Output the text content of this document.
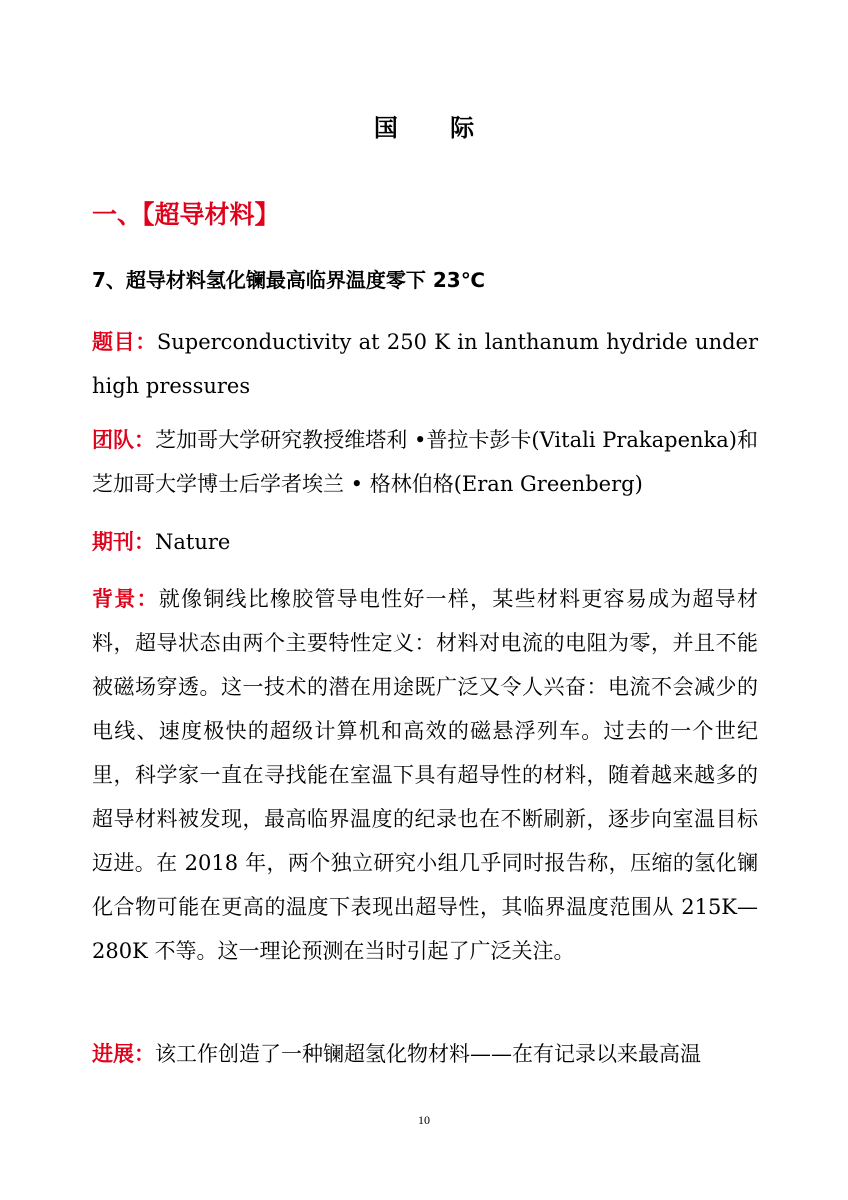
国 际
一、【超导材料】
7、超导材料氢化镧最高临界温度零下 23℃

题目：Superconductivity at 250 K in lanthanum hydride under high pressures

团队：芝加哥大学研究教授维塔利 •普拉卡彭卡(Vitali Prakapenka)和芝加哥大学博士后学者埃兰 • 格林伯格(Eran Greenberg)

期刊：Nature

背景：就像铜线比橡胶管导电性好一样，某些材料更容易成为超导材料，超导状态由两个主要特性定义：材料对电流的电阻为零，并且不能被磁场穿透。这一技术的潜在用途既广泛又令人兴奋：电流不会减少的电线、速度极快的超级计算机和高效的磁悬浮列车。过去的一个世纪里，科学家一直在寻找能在室温下具有超导性的材料，随着越来越多的超导材料被发现，最高临界温度的纪录也在不断刷新，逐步向室温目标迈进。在 2018 年，两个独立研究小组几乎同时报告称，压缩的氢化镧化合物可能在更高的温度下表现出超导性，其临界温度范围从 215K—280K 不等。这一理论预测在当时引起了广泛关注。

进展：该工作创造了一种镧超氢化物材料——在有记录以来最高温

10
